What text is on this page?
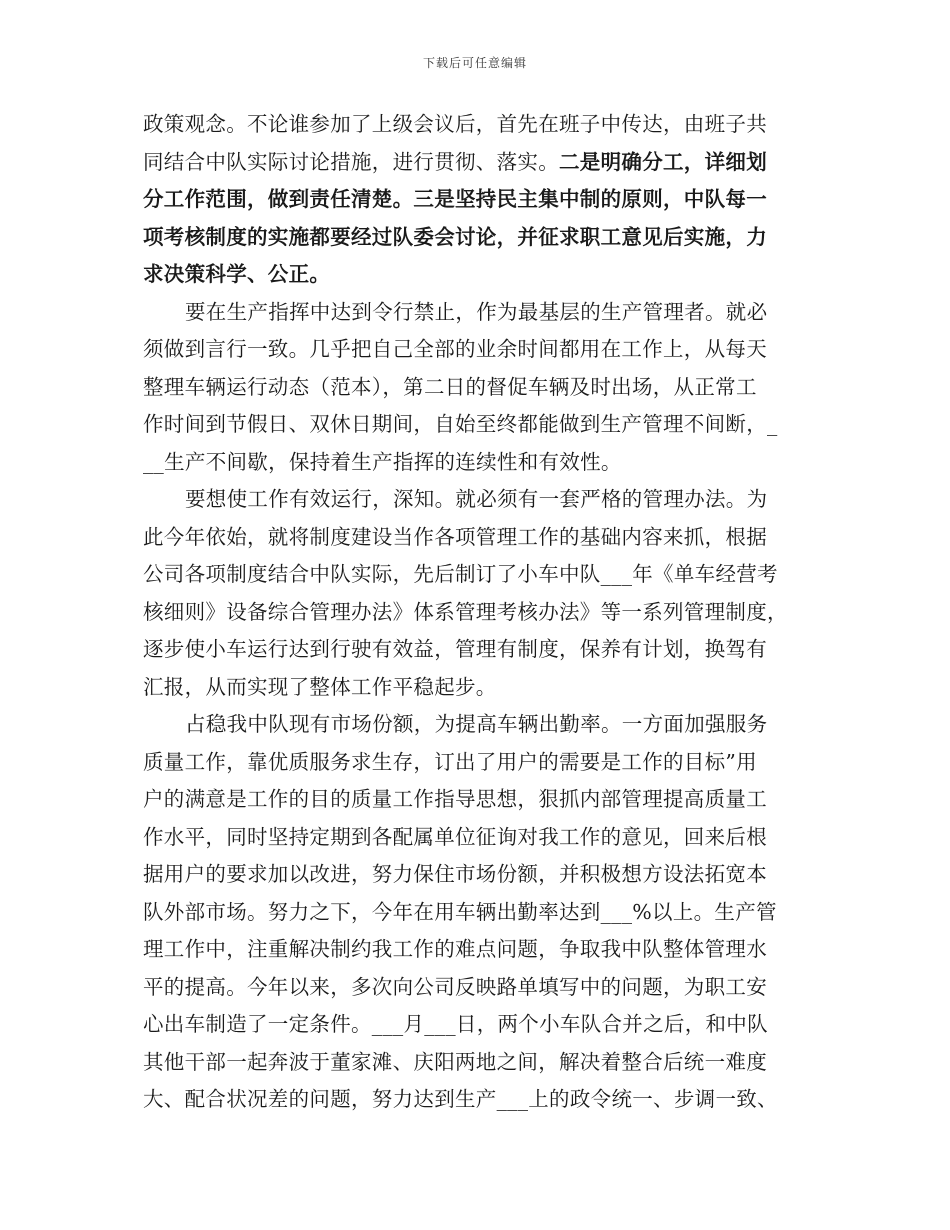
下载后可任意编辑
政策观念。不论谁参加了上级会议后，首先在班子中传达，由班子共
同结合中队实际讨论措施，进行贯彻、落实。二是明确分工，详细划
分工作范围，做到责任清楚。三是坚持民主集中制的原则，中队每一
项考核制度的实施都要经过队委会讨论，并征求职工意见后实施，力
求决策科学、公正。
要在生产指挥中达到令行禁止，作为最基层的生产管理者。就必
须做到言行一致。几乎把自己全部的业余时间都用在工作上，从每天
整理车辆运行动态（范本），第二日的督促车辆及时出场，从正常工
作时间到节假日、双休日期间，自始至终都能做到生产管理不间断，_
__生产不间歇，保持着生产指挥的连续性和有效性。
要想使工作有效运行，深知。就必须有一套严格的管理办法。为
此今年依始，就将制度建设当作各项管理工作的基础内容来抓，根据
公司各项制度结合中队实际，先后制订了小车中队___年《单车经营考
核细则》设备综合管理办法》体系管理考核办法》等一系列管理制度，
逐步使小车运行达到行驶有效益，管理有制度，保养有计划，换驾有
汇报，从而实现了整体工作平稳起步。
占稳我中队现有市场份额，为提高车辆出勤率。一方面加强服务
质量工作，靠优质服务求生存，订出了用户的需要是工作的目标”用
户的满意是工作的目的质量工作指导思想，狠抓内部管理提高质量工
作水平，同时坚持定期到各配属单位征询对我工作的意见，回来后根
据用户的要求加以改进，努力保住市场份额，并积极想方设法拓宽本
队外部市场。努力之下，今年在用车辆出勤率达到___%以上。生产管
理工作中，注重解决制约我工作的难点问题，争取我中队整体管理水
平的提高。今年以来，多次向公司反映路单填写中的问题，为职工安
心出车制造了一定条件。___月___日，两个小车队合并之后，和中队
其他干部一起奔波于董家滩、庆阳两地之间，解决着整合后统一难度
大、配合状况差的问题，努力达到生产___上的政令统一、步调一致、
